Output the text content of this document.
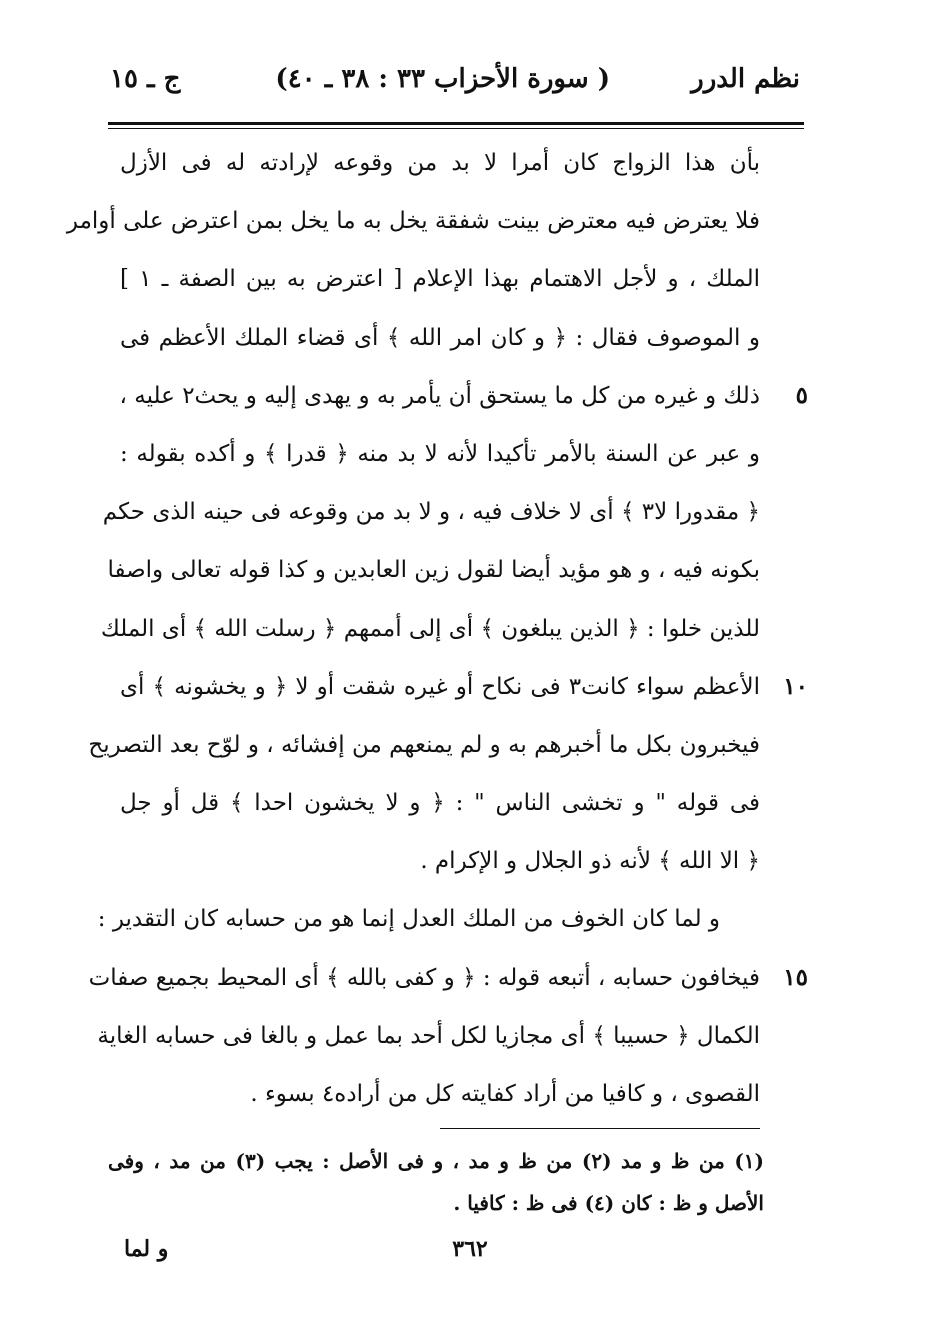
نظم الدرر
( سورة الأحزاب ٣٣ : ٣٨ ـ ٤٠)
ج ـ ١٥
بأن هذا الزواج كان أمرا لا بد من وقوعه لإرادته له فى الأزل
فلا يعترض فيه معترض بينت شفقة يخل به ما يخل بمن اعترض على أوامر
الملك ، و لأجل الاهتمام بهذا الإعلام [ اعترض به بين الصفة ـ ١ ]
و الموصوف فقال : ﴿ و كان امر الله ﴾ أى قضاء الملك الأعظم فى
٥
ذلك و غيره من كل ما يستحق أن يأمر به و يهدى إليه و يحث٢ عليه ،
و عبر عن السنة بالأمر تأكيدا لأنه لا بد منه ﴿ قدرا ﴾ و أكده بقوله :
﴿ مقدورا لا٣ ﴾ أى لا خلاف فيه ، و لا بد من وقوعه فى حينه الذى حكم
بكونه فيه ، و هو مؤيد أيضا لقول زين العابدين و كذا قوله تعالى واصفا
للذين خلوا : ﴿ الذين يبلغون ﴾ أى إلى أممهم ﴿ رسلت الله ﴾ أى الملك
١٠
الأعظم سواء كانت٣ فى نكاح أو غيره شقت أو لا ﴿ و يخشونه ﴾ أى
فيخبرون بكل ما أخبرهم به و لم يمنعهم من إفشائه ، و لوّح بعد التصريح
فى قوله " و تخشى الناس " : ﴿ و لا يخشون احدا ﴾ قل أو جل
﴿ الا الله ﴾ لأنه ذو الجلال و الإكرام .
و لما كان الخوف من الملك العدل إنما هو من حسابه كان التقدير :
١٥
فيخافون حسابه ، أتبعه قوله : ﴿ و كفى بالله ﴾ أى المحيط بجميع صفات
الكمال ﴿ حسيبا ﴾ أى مجازيا لكل أحد بما عمل و بالغا فى حسابه الغاية
القصوى ، و كافيا من أراد كفايته كل من أراده٤ بسوء .
(١) من ظ و مد (٢) من ظ و مد ، و فى الأصل : يجب (٣) من مد ، وفى
الأصل و ظ : كان (٤) فى ظ : كافيا .
٣٦٢
و لما
